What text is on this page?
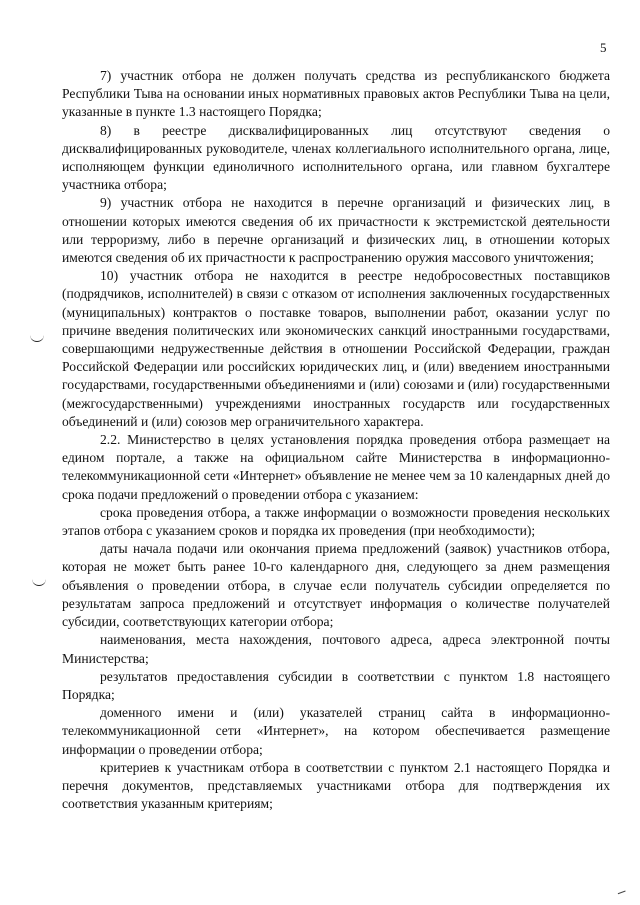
5

7) участник отбора не должен получать средства из республиканского бюджета Республики Тыва на основании иных нормативных правовых актов Республики Тыва на цели, указанные в пункте 1.3 настоящего Порядка;

8) в реестре дисквалифицированных лиц отсутствуют сведения о дисквалифицированных руководителе, членах коллегиального исполнительного органа, лице, исполняющем функции единоличного исполнительного органа, или главном бухгалтере участника отбора;

9) участник отбора не находится в перечне организаций и физических лиц, в отношении которых имеются сведения об их причастности к экстремистской деятельности или терроризму, либо в перечне организаций и физических лиц, в отношении которых имеются сведения об их причастности к распространению оружия массового уничтожения;

10) участник отбора не находится в реестре недобросовестных поставщиков (подрядчиков, исполнителей) в связи с отказом от исполнения заключенных государственных (муниципальных) контрактов о поставке товаров, выполнении работ, оказании услуг по причине введения политических или экономических санкций иностранными государствами, совершающими недружественные действия в отношении Российской Федерации, граждан Российской Федерации или российских юридических лиц, и (или) введением иностранными государствами, государственными объединениями и (или) союзами и (или) государственными (межгосударственными) учреждениями иностранных государств или государственных объединений и (или) союзов мер ограничительного характера.

2.2. Министерство в целях установления порядка проведения отбора размещает на едином портале, а также на официальном сайте Министерства в информационно-телекоммуникационной сети «Интернет» объявление не менее чем за 10 календарных дней до срока подачи предложений о проведении отбора с указанием:

срока проведения отбора, а также информации о возможности проведения нескольких этапов отбора с указанием сроков и порядка их проведения (при необходимости);

даты начала подачи или окончания приема предложений (заявок) участников отбора, которая не может быть ранее 10-го календарного дня, следующего за днем размещения объявления о проведении отбора, в случае если получатель субсидии определяется по результатам запроса предложений и отсутствует информация о количестве получателей субсидии, соответствующих категории отбора;

наименования, места нахождения, почтового адреса, адреса электронной почты Министерства;

результатов предоставления субсидии в соответствии с пунктом 1.8 настоящего Порядка;

доменного имени и (или) указателей страниц сайта в информационно-телекоммуникационной сети «Интернет», на котором обеспечивается размещение информации о проведении отбора;

критериев к участникам отбора в соответствии с пунктом 2.1 настоящего Порядка и перечня документов, представляемых участниками отбора для подтверждения их соответствия указанным критериям;
